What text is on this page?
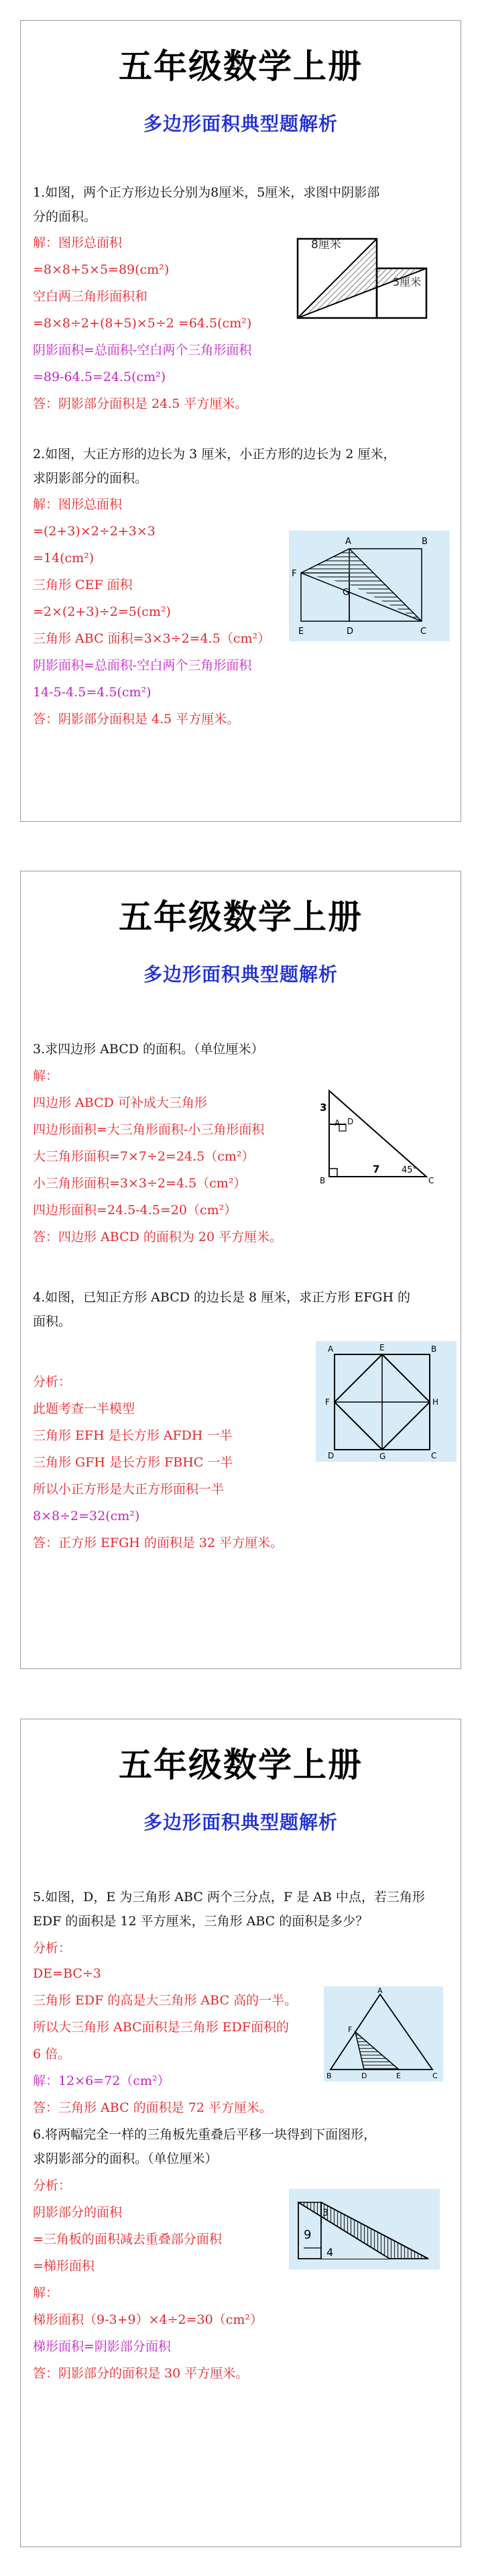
五年级数学上册
多边形面积典型题解析
1.如图，两个正方形边长分别为8厘米，5厘米，求图中阴影部
分的面积。
解：图形总面积
=8×8+5×5=89(cm²)
空白两三角形面积和
=8×8÷2+(8+5)×5÷2 =64.5(cm²)
阴影面积=总面积-空白两个三角形面积
=89-64.5=24.5(cm²)
答：阴影部分面积是 24.5 平方厘米。
8厘米
5厘米
2.如图，大正方形的边长为 3 厘米，小正方形的边长为 2 厘米，
求阴影部分的面积。
解：图形总面积
=(2+3)×2÷2+3×3
=14(cm²)
三角形 CEF 面积
=2×(2+3)÷2=5(cm²)
三角形 ABC 面积=3×3÷2=4.5（cm²）
阴影面积=总面积-空白两个三角形面积
14-5-4.5=4.5(cm²)
答：阴影部分面积是 4.5 平方厘米。
A	B
F
G
E	D	C
五年级数学上册
多边形面积典型题解析
3.求四边形 ABCD 的面积。（单位厘米）
解：
四边形 ABCD 可补成大三角形
四边形面积=大三角形面积-小三角形面积
大三角形面积=7×7÷2=24.5（cm²）
小三角形面积=3×3÷2=4.5（cm²）
四边形面积=24.5-4.5=20（cm²）
答：四边形 ABCD 的面积为 20 平方厘米。
A D
B	C
3
7	45°
4.如图，已知正方形 ABCD 的边长是 8 厘米，求正方形 EFGH 的
面积。
分析：
此题考查一半模型
三角形 EFH 是长方形 AFDH 一半
三角形 GFH 是长方形 FBHC 一半
所以小正方形是大正方形面积一半
8×8÷2=32(cm²)
答：正方形 EFGH 的面积是 32 平方厘米。
A	E	B
F	H
D	G	C
五年级数学上册
多边形面积典型题解析
5.如图，D，E 为三角形 ABC 两个三分点，F 是 AB 中点，若三角形
EDF 的面积是 12 平方厘米，三角形 ABC 的面积是多少？
分析：
DE=BC÷3
三角形 EDF 的高是大三角形 ABC 高的一半。
所以大三角形 ABC面积是三角形 EDF面积的
6 倍。
解：12×6=72（cm²）
答：三角形 ABC 的面积是 72 平方厘米。
A
F
B	D	E	C
6.将两幅完全一样的三角板先重叠后平移一块得到下面图形，
求阴影部分的面积。（单位厘米）
分析：
阴影部分的面积
=三角板的面积减去重叠部分面积
=梯形面积
解：
梯形面积（9-3+9）×4÷2=30（cm²）
梯形面积=阴影部分面积
答：阴影部分的面积是 30 平方厘米。
3
9
4
